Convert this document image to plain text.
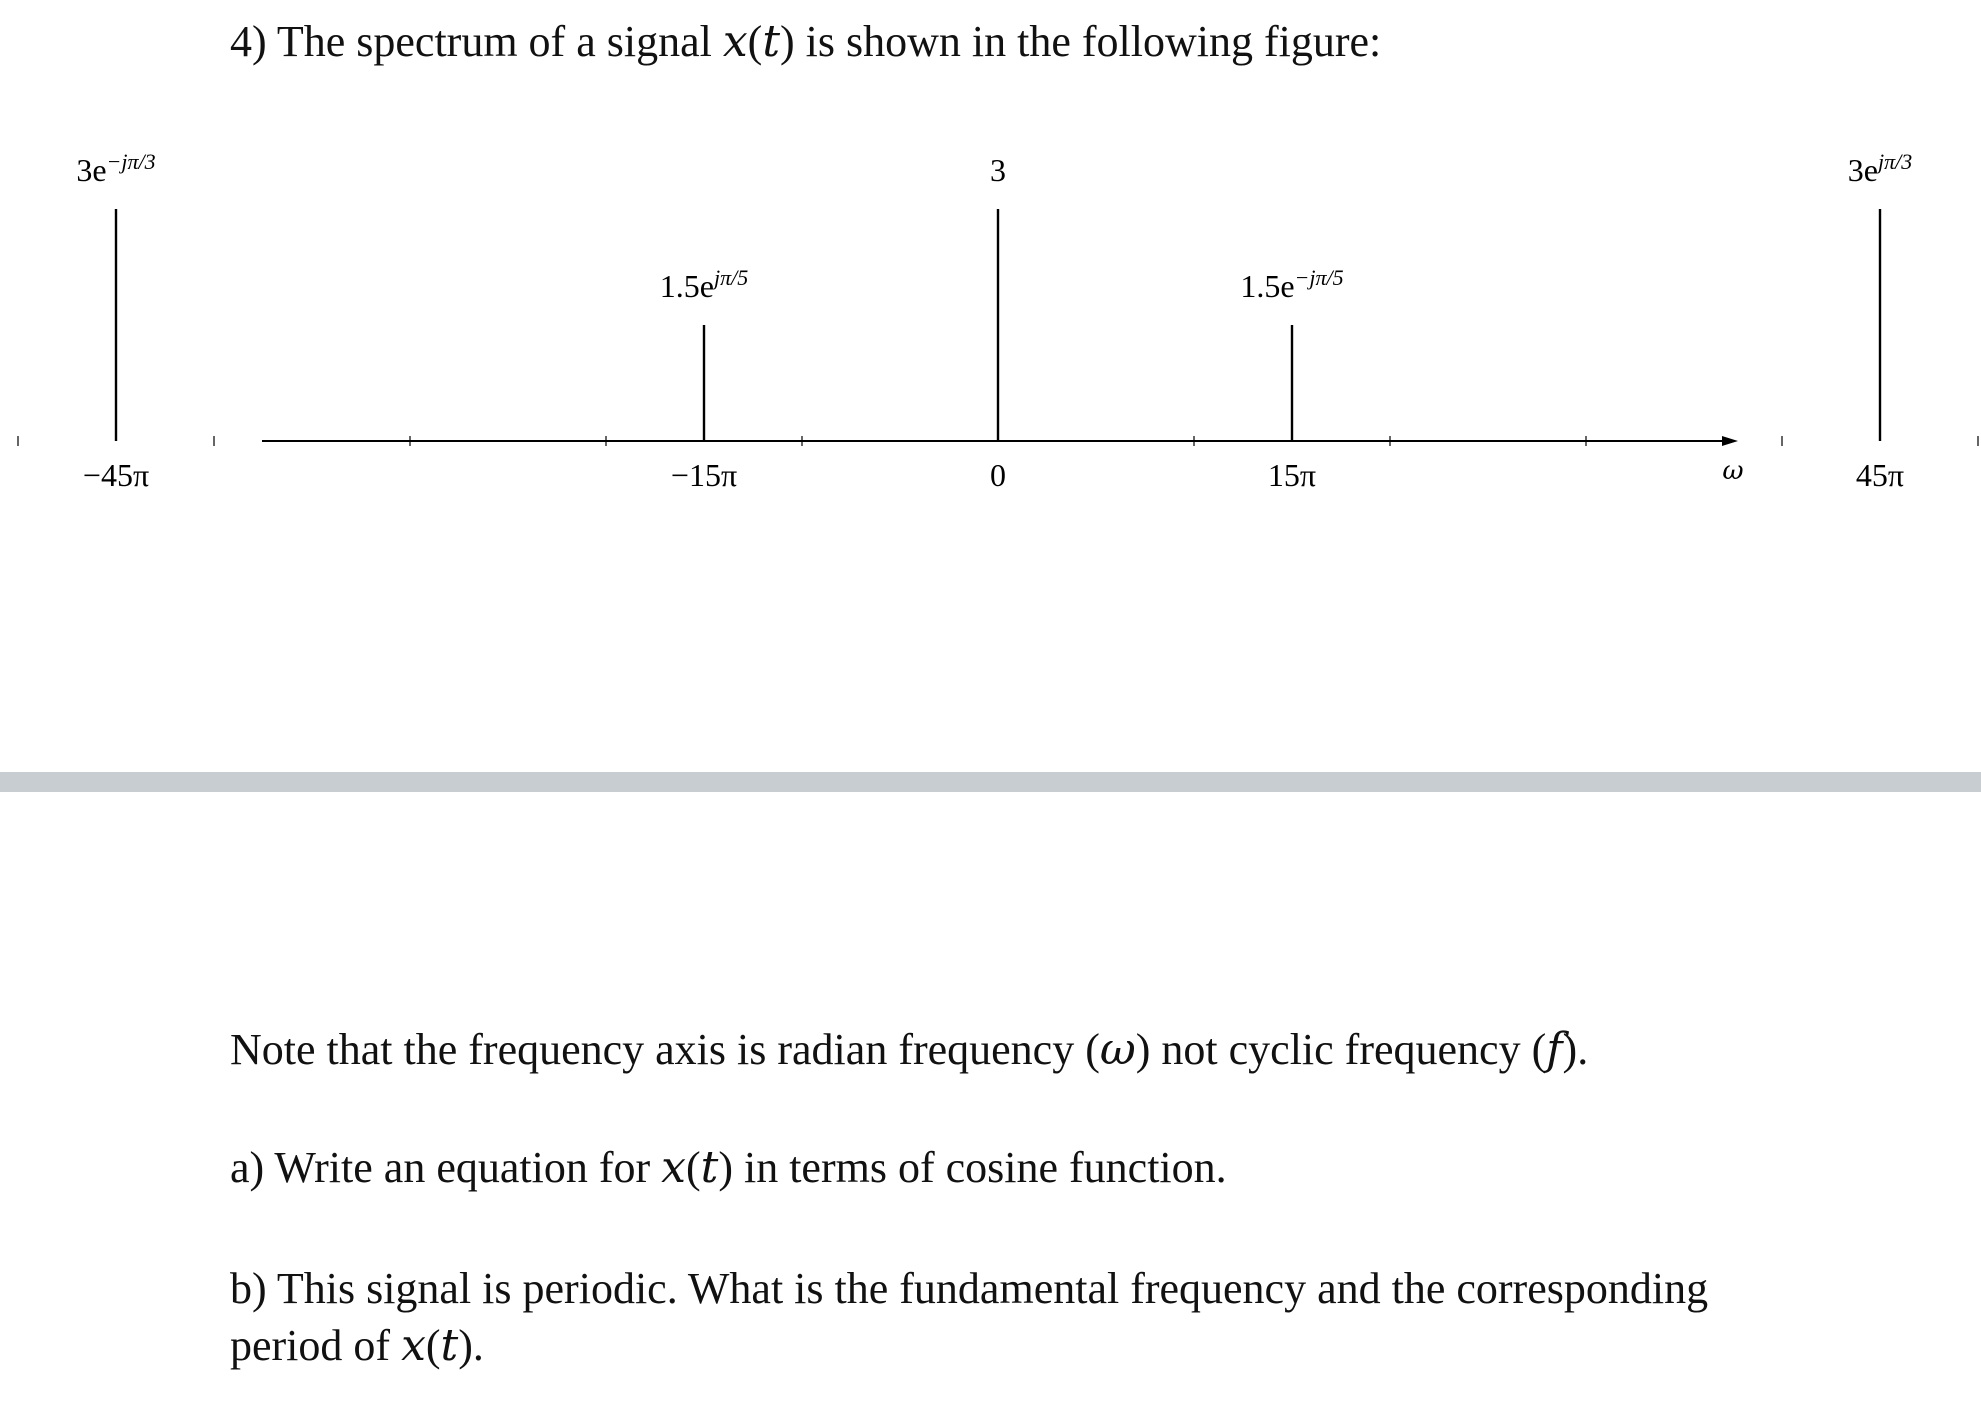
4) The spectrum of a signal x(t) is shown in the following figure:
ω
−45π
$3e^{-j\pi/3}$
−15π
$1.5e^{j\pi/5}$
0
3
15π
$1.5e^{-j\pi/5}$
45π
$3e^{j\pi/3}$
Note that the frequency axis is radian frequency (ω) not cyclic frequency (f).
a) Write an equation for x(t) in terms of cosine function.
b) This signal is periodic. What is the fundamental frequency and the corresponding
period of x(t).
